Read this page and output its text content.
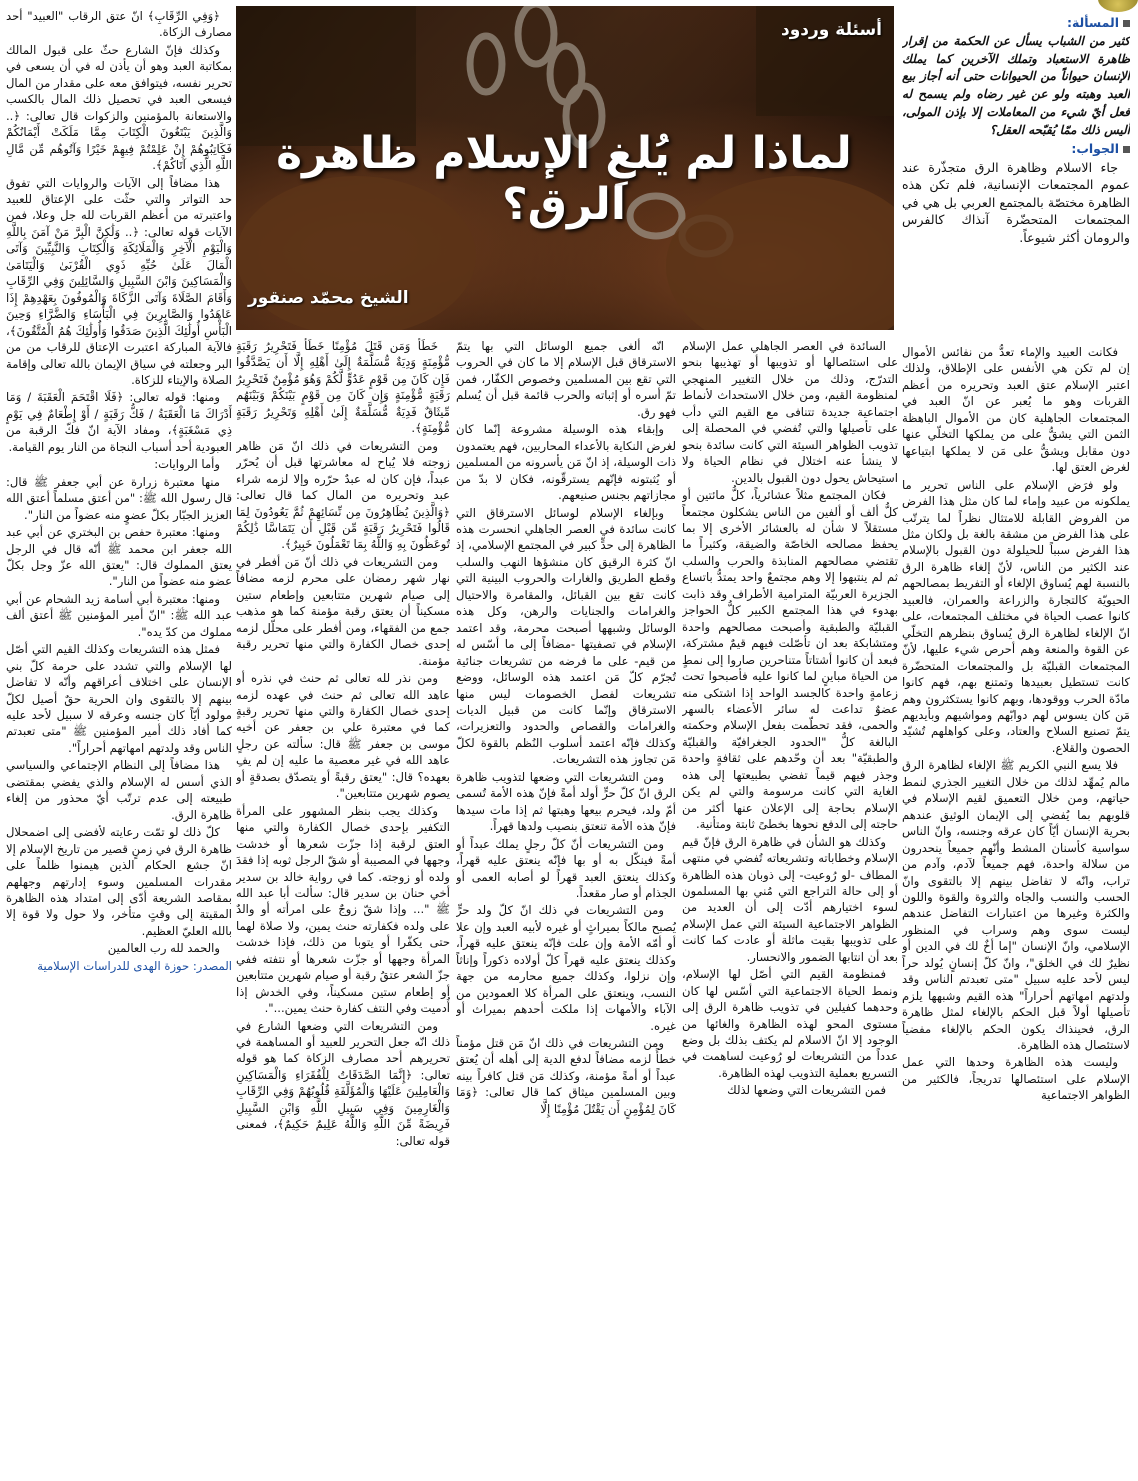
المسألة:

كثير من الشباب يسأل عن الحكمة من إقرار ظاهرة الاستعباد وتملك الآخرين كما يملك الإنسان حيواناً من الحيوانات حتى أنه أجاز بيع العبد وهبته ولو عن غير رضاه ولم يسمح له فعل أيّ شيء من المعاملات إلا بإذن المولى، أليس ذلك ممّا يُقبّحه العقل؟

الجواب:

جاء الاسلام وظاهرة الرق متجذّرة عند عموم المجتمعات الإنسانية، فلم تكن هذه الظاهرة مختصّة بالمجتمع العربي بل هي في المجتمعات المتحضّرة آنذاك كالفرس والرومان أكثر شيوعاً.

أسئلة وردود
لماذا لم يُلغِ الإسلام ظاهرة الرق؟
الشيخ محمّد صنقور

فكانت العبيد والإماء تعدُّ من نفائس الأموال إن لم تكن هي الأنفس على الإطلاق، ولذلك اعتبر الإسلام عتق العبد وتحريره من أعظم القربات وهو ما يُعبر عن انّ العبد في المجتمعات الجاهلية كان من الأموال الباهظة الثمن التي يشقُّ على من يملكها التخلّي عنها دون مقابل ويشقُّ على مَن لا يملكها ابتياعها لغرض العتق لها.

ولو فرَض الإسلام على الناس تحرير ما يملكونه من عبيد وإماء لما كان مثل هذا الفرض من الفروض القابلة للامتثال نظراً لما يترتّب على هذا الفرض من مشقة بالغة بل ولكان مثل هذا الفرض سبباً للحيلولة دون القبول بالإسلام عند الكثير من الناس، لأنّ إلغاء ظاهرة الرق بالنسبة لهم يُساوق الإلغاء أو التفريط بمصالحهم الحيويّة كالتجارة والزراعة والعمران، فالعبيد كانوا عصب الحياة في مختلف المجتمعات، على انّ الإلغاء لظاهرة الرق يُساوق بنظرهم التخلّي عن القوة والمنعة وهم أحرص شيء عليها، لأنّ المجتمعات القبليّة بل والمجتمعات المتحضّرة كانت تستطيل بعبيدها وتمتنع بهم، فهم كانوا مادّة الحرب ووقودها، وبهم كانوا يستكثرون وهم مَن كان يسوس لهم دوابّهم ومواشيهم وبأيديهم يتمّ تصنيع السلاح والعتاد، وعلى كواهلهم تُشيّد الحصون والقلاع.

فلا يسع النبي الكريم ﷺ الإلغاء لظاهرة الرق مالم يُمهِّد لذلك من خلال التغيير الجذري لنمط حياتهم، ومن خلال التعميق لقيم الإسلام في قلوبهم بما يُفضي إلى الإيمان الوثيق عندهم بحرية الإنسان أيّاً كان عرقه وجنسه، وانّ الناس سواسية كأسنان المشط وأنّهم جميعاً ينحدرون من سلالة واحدة، فهم جميعاً لآدم، وآدم من تراب، وانّه لا تفاضل بينهم إلا بالتقوى وانّ الحسب والنسب والجاه والثروة والقوة واللون والكثرة وغيرها من اعتبارات التفاضل عندهم ليست سوى وهم وسراب في المنظور الإسلامي، وانّ الإنسان "إما أخٌ لك في الدين أو نظيرٌ لك في الخلق"، وانّ كلّ إنسانٍ يُولد حراً ليس لأحد عليه سبيل "متى تعبدتم الناس وقد ولدتهم امهاتهم أحراراً" هذه القيم وشبهها يلزم تأصيلها أولاً قبل الحكم بالإلغاء لمثل ظاهرة الرق، فحينذاك يكون الحكم بالإلغاء مفضياً لاستئصال هذه الظاهرة.

وليست هذه الظاهرة وحدها التي عمل الإسلام على استئصالها تدريجاً، فالكثير من الظواهر الاجتماعية

السائدة في العصر الجاهلي عمل الإسلام على استئصالها أو تذويبها أو تهذيبها بنحو التدرّج، وذلك من خلال التغيير المنهجي لمنظومة القيم، ومن خلال الاستحداث لأنماط اجتماعية جديدة تتنافى مع القيم التي دأب على تأصيلها والتي تُفضي في المحصلة إلى تذويب الظواهر السيئة التي كانت سائدة بنحو لا ينشأ عنه اختلال في نظام الحياة ولا استيحاش يحول دون القبول بالدين.

فكان المجتمع مثلاً عشائرياً، كلُّ مائتين أو كلُّ ألف أو ألفين من الناس يشكلون مجتمعاً مستقلاً لا شأن له بالعشائر الأخرى إلا بما يحفظ مصالحه الخاصّة والضيقة، وكثيراً ما تقتضي مصالحهم المنابذة والحرب والسلب ثم لم ينتبهوا إلا وهم مجتمعٌ واحد يمتدُّ باتساع الجزيرة العربيّة المترامية الأطراف وقد ذابت بهدوء في هذا المجتمع الكبير كلُّ الحواجز القبليّة والطبقية وأصبحت مصالحهم واحدة ومتشابكة بعد ان تأصّلت فيهم قيمٌ مشتركة، فبعد أن كانوا أشتاتاً متناحرين صاروا إلى نمطٍ من الحياة مباينٍ لما كانوا عليه فأصبحوا تحت زعامةٍ واحدة كالجسد الواحد إذا اشتكى منه عضوٌ تداعت له سائر الأعضاء بالسهر والحمى، فقد تحطّمت بفعل الإسلام وحكمته البالغة كلُّ "الحدود الجغرافيّة والقبليّة والطبقيّة" بعد أن وحّدهم على ثقافةٍ واحدة وجذر فيهم قيماً تفضي بطبيعتها إلى هذه الغاية التي كانت مرسومة والتي لم يكن الإسلام بحاجة إلى الإعلان عنها أكثر من حاجته إلى الدفع نحوها بخطىً ثابتة ومتأنية.

وكذلك هو الشأن في ظاهرة الرق فإنّ قيم الإسلام وخطاباته وتشريعاته تُفضي في منتهى المطاف -لو رُوعيت- إلى ذوبان هذه الظاهرة أو إلى حالة التراجع التي مُني بها المسلمون لسوء اختيارهم أدّت إلى أن العديد من الظواهر الاجتماعية السيئة التي عمل الإسلام على تذويبها بقيت ماثلة أو عادت كما كانت بعد أن انتابها الضمور والانحسار.

فمنظومة القيم التي أصّل لها الإسلام، ونمط الحياة الاجتماعية التي أسّس لها كان وحدهما كفيلين في تذويب ظاهرة الرق إلى مستوى المحو لهذه الظاهرة والغائها من الوجود إلا انّ الاسلام لم يكتف بذلك بل وضع عدداً من التشريعات لو رُوعيت لساهمت في التسريع بعملية التذويب لهذه الظاهرة.

فمن التشريعات التي وضعها لذلك

انّه ألغى جميع الوسائل التي بها يتمّ الاسترقاق قبل الإسلام إلا ما كان في الحروب التي تقع بين المسلمين وخصوص الكفّار، فمن تمّ أسره أو إثباته والحرب قائمة قبل أن يُسلم فهو رق.

وإبقاء هذه الوسيلة مشروعة إنّما كان لغرض النكاية بالأعداء المحاربين، فهم يعتمدون ذات الوسيلة، إذ انّ مَن يأسرونه من المسلمين أو يُثبتونه فإنّهم يسترقّونه، فكان لا بدّ من مجازاتهم بجنس صنيعهم.

وبإلغاء الإسلام لوسائل الاسترقاق التي كانت سائدة في العصر الجاهلي انحسرت هذه الظاهرة إلى حدٍّ كبير في المجتمع الإسلامي، إذ انّ كثرة الرقيق كان منشؤها النهب والسلب وقطع الطريق والغارات والحروب البينية التي كانت تقع بين القبائل، والمقامرة والاحتيال والغرامات والجنايات والرهن، وكل هذه الوسائل وشبهها أصبحت محرمة، وقد اعتمد الإسلام في تصفيتها -مضافاً إلى ما أسّس له من قيم- على ما فرضه من تشريعات جنائية تُجرّم كلّ مَن اعتمد هذه الوسائل، ووضع تشريعات لفصل الخصومات ليس منها الاسترقاق وإنّما كانت من قبيل الديات والغرامات والقصاص والحدود والتعزيرات، وكذلك فإنّه اعتمد أسلوب النُظم بالقوة لكلّ مَن تجاوز هذه التشريعات.

ومن التشريعات التي وضعها لتذويب ظاهرة الرق انّ كلّ حرٍّ أولد أمةً فإنّ هذه الأمة تُسمى أمّ ولد، فيحرم بيعها وهبتها ثم إذا مات سيدها فإنّ هذه الأمة تنعتق بنصيب ولدها قهراً.

ومن التشريعات أنّ كلّ رجلٍ يملك عبداً أو أمةً فينكّل به أو بها فإنّه ينعتق عليه قهراً، وكذلك ينعتق العبد قهراً لو أصابه العمى أو الجذام أو صار مقعداً.

ومن التشريعات في ذلك انّ كلّ ولد حرٍّ يُصبح مالكاً بميراثٍ أو غيره لأبيه العبد وإن علا أو أمّه الأمة وإن علت فإنّه ينعتق عليه قهراً، وكذلك ينعتق عليه قهراً كلّ أولاده ذكوراً وإناثاً وإن نزلوا، وكذلك جميع محارمه من جهة النسب، وينعتق على المرأة كلا العمودين من الآباء والأمهات إذا ملكت أحدهم بميراث أو غيره.

ومن التشريعات في ذلك انّ مَن قتل مؤمناً خطأً لزمه مضافاً لدفع الدية إلى أهله أن يُعتق عبداً أو أمةً مؤمنة، وكذلك مَن قتل كافراً بينه وبين المسلمين ميثاق كما قال تعالى: ﴿وَمَا كَانَ لِمُؤْمِنٍ أَن يَقْتُلَ مُؤْمِنًا إِلَّا

خَطَأً وَمَن قَتَلَ مُؤْمِنًا خَطَأً فَتَحْرِيرُ رَقَبَةٍ مُّؤْمِنَةٍ وَدِيَةٌ مُّسَلَّمَةٌ إِلَىٰ أَهْلِهِ إِلَّا أَن يَصَّدَّقُوا فَإِن كَانَ مِن قَوْمٍ عَدُوٍّ لَّكُمْ وَهُوَ مُؤْمِنٌ فَتَحْرِيرُ رَقَبَةٍ مُّؤْمِنَةٍ وَإِن كَانَ مِن قَوْمٍ بَيْنَكُمْ وَبَيْنَهُم مِّيثَاقٌ فَدِيَةٌ مُّسَلَّمَةٌ إِلَىٰ أَهْلِهِ وَتَحْرِيرُ رَقَبَةٍ مُّؤْمِنَةٍ﴾.

ومن التشريعات في ذلك انّ مَن ظاهر زوجته فلا يُباح له معاشرتها قبل أن يُحرّر عبداً، فإن كان له عبدٌ حرّره وإلا لزمه شراء عبد وتحريره من المال كما قال تعالى: ﴿وَالَّذِينَ يُظَاهِرُونَ مِن نِّسَائِهِمْ ثُمَّ يَعُودُونَ لِمَا قَالُوا فَتَحْرِيرُ رَقَبَةٍ مِّن قَبْلِ أَن يَتَمَاسَّا ذَٰلِكُمْ تُوعَظُونَ بِهِ وَاللَّهُ بِمَا تَعْمَلُونَ خَبِيرٌ﴾.

ومن التشريعات في ذلك أنّ مَن أفطر في نهار شهر رمضان على محرم لزمه مضافاً إلى صيام شهرين متتابعين وإطعام ستين مسكيناً أن يعتق رقبة مؤمنة كما هو مذهب جمع من الفقهاء، ومن أفطر على محلّل لزمه إحدى خصال الكفارة والتي منها تحرير رقبة مؤمنة.

ومن نذر لله تعالى ثم حنث في نذره أو عاهد الله تعالى ثم حنث في عهده لزمه إحدى خصال الكفارة والتي منها تحرير رقبةٍ كما في معتبرة علي بن جعفر عن أخيه موسى بن جعفر ﷺ قال: سألته عن رجلٍ عاهد الله في غير معصية ما عليه إن لم يفِ بعهده؟ قال: "يعتق رقبةً أو يتصدّق بصدقةٍ أو يصوم شهرين متتابعين".

وكذلك يجب بنظر المشهور على المرأة التكفير بإحدى خصال الكفارة والتي منها العتق لرقبة إذا جزّت شعرها أو خدشت وجهها في المصيبة أو شقّ الرجل ثوبه إذا فقدَ ولده أو زوجته. كما في رواية خالد بن سدير أخي حنان بن سدير قال: سألت أبا عبد الله ﷺ "... وإذا شقّ زوجٌ على امرأته أو والدٌ على ولده فكفارته حنث يمين، ولا صلاة لهما حتى يكفّرا أو يتوبا من ذلك، فإذا خدشت المرأة وجهها أو جزّت شعرها أو نتفته ففي جزّ الشعر عتقُ رقبة أو صيام شهرين متتابعين أو إطعام ستين مسكيناً، وفي الخدش إذا أُدميت وفي النتف كفارة حنث يمين...".

ومن التشريعات التي وضعها الشارع في ذلك انّه جعل التحرير للعبيد أو المساهمة في تحريرهم أحد مصارف الزكاة كما هو قوله تعالى: ﴿إِنَّمَا الصَّدَقَاتُ لِلْفُقَرَاءِ وَالْمَسَاكِينِ وَالْعَامِلِينَ عَلَيْهَا وَالْمُؤَلَّفَةِ قُلُوبُهُمْ وَفِي الرِّقَابِ وَالْغَارِمِينَ وَفِي سَبِيلِ اللَّهِ وَابْنِ السَّبِيلِ فَرِيضَةً مِّنَ اللَّهِ وَاللَّهُ عَلِيمٌ حَكِيمٌ﴾، فمعنى قوله تعالى:

﴿وَفِي الرِّقَابِ﴾ انّ عتق الرقاب "العبيد" أحد مصارف الزكاة.

وكذلك فإنّ الشارع حثّ على قبول المالك بمكاتبة العبد وهو أن يأذن له في أن يسعى في تحرير نفسه، فيتوافق معه على مقدار من المال فيسعى العبد في تحصيل ذلك المال بالكسب والاستعانة بالمؤمنين والزكوات قال تعالى: ﴿.. وَالَّذِينَ يَبْتَغُونَ الْكِتَابَ مِمَّا مَلَكَتْ أَيْمَانُكُمْ فَكَاتِبُوهُمْ إِنْ عَلِمْتُمْ فِيهِمْ خَيْرًا وَآتُوهُم مِّن مَّالِ اللَّهِ الَّذِي آتَاكُمْ﴾.

هذا مضافاً إلى الآيات والروايات التي تفوق حد التواتر والتي حثّت على الإعتاق للعبيد واعتبرته من أعظم القربات لله جل وعلا، فمن الآيات قوله تعالى: ﴿.. وَلَٰكِنَّ الْبِرَّ مَنْ آمَنَ بِاللَّهِ وَالْيَوْمِ الْآخِرِ وَالْمَلَائِكَةِ وَالْكِتَابِ وَالنَّبِيِّينَ وَآتَى الْمَالَ عَلَىٰ حُبِّهِ ذَوِي الْقُرْبَىٰ وَالْيَتَامَىٰ وَالْمَسَاكِينَ وَابْنَ السَّبِيلِ وَالسَّائِلِينَ وَفِي الرِّقَابِ وَأَقَامَ الصَّلَاةَ وَآتَى الزَّكَاةَ وَالْمُوفُونَ بِعَهْدِهِمْ إِذَا عَاهَدُوا وَالصَّابِرِينَ فِي الْبَأْسَاءِ وَالضَّرَّاءِ وَحِينَ الْبَأْسِ أُولَٰئِكَ الَّذِينَ صَدَقُوا وَأُولَٰئِكَ هُمُ الْمُتَّقُونَ﴾، فالآية المباركة اعتبرت الإعتاق للرقاب من من البر وجعلته في سياق الإيمان بالله تعالى وإقامة الصلاة والإيتاء للزكاة.

ومنها: قوله تعالى: ﴿فَلَا اقْتَحَمَ الْعَقَبَةَ / وَمَا أَدْرَاكَ مَا الْعَقَبَةُ / فَكُّ رَقَبَةٍ / أَوْ إِطْعَامٌ فِي يَوْمٍ ذِي مَسْغَبَةٍ﴾، ومفاد الآية انّ فكّ الرقبة من العبودية أحد أسباب النجاة من النار يوم القيامة.

وأما الروايات:

منها معتبرة زرارة عن أبي جعفر ﷺ قال: قال رسول الله ﷺ: "من أعتق مسلماً أعتق الله العزيز الجبّار بكلّ عضوٍ منه عضواً من النار".

ومنها: معتبرة حفص بن البختري عن أبي عبد الله جعفر ابن محمد ﷺ أنّه قال في الرجل يعتق المملوك قال: "يعتق الله عزّ وجل بكلّ عضو منه عضواً من النار".

ومنها: معتبرة أبي أسامة زيد الشحام عن أبي عبد الله ﷺ: "انّ أمير المؤمنين ﷺ أعتق ألف مملوك من كدّ يده".

فمثل هذه التشريعات وكذلك القيم التي أصّل لها الإسلام والتي تشدد على حرمة كلّ بني الإنسان على اختلاف أعراقهم وأنّه لا تفاضل بينهم إلا بالتقوى وان الحرية حقٌ أصيل لكلّ مولود أيّاً كان جنسه وعرقه لا سبيل لأحد عليه كما أفاد ذلك أمير المؤمنين ﷺ "متى تعبدتم الناس وقد ولدتهم امهاتهم أحراراً".

هذا مضافاً إلى النظام الإجتماعي والسياسي الذي أسس له الإسلام والذي يفضي بمقتضى طبيعته إلى عدم ترتّب أيّ محذور من إلغاء ظاهرة الرق.

كلّ ذلك لو تمّت رعايته لأفضى إلى اضمحلال ظاهرة الرق في زمنٍ قصير من تاريخ الإسلام إلا انّ جشع الحكام الذين هيمنوا ظلماً على مقدرات المسلمين وسوء إدارتهم وجهلهم بمقاصد الشريعة أدّى إلى امتداد هذه الظاهرة المقيتة إلى وقتٍ متأخر، ولا حول ولا قوة إلا بالله العليّ العظيم.

والحمد لله رب العالمين

المصدر: حوزة الهدى للدراسات الإسلامية
